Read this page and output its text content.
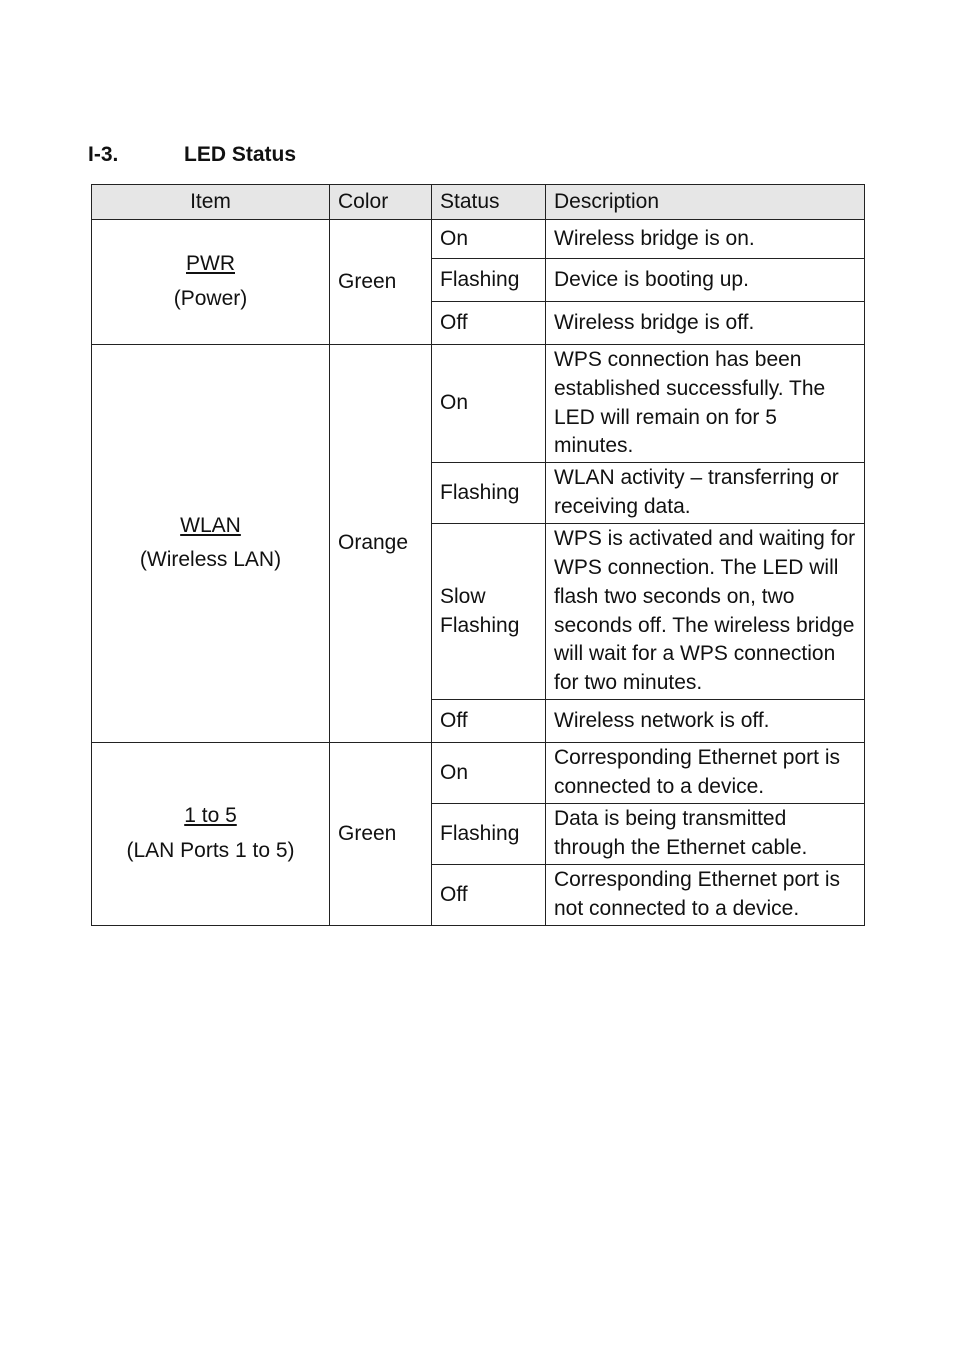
I-3.	LED Status
Item	Color	Status	Description

PWR
(Power)	Green	On	Wireless bridge is on.
		Flashing	Device is booting up.
		Off	Wireless bridge is off.

WLAN
(Wireless LAN)	Orange	On	WPS connection has been established successfully. The LED will remain on for 5 minutes.
		Flashing	WLAN activity – transferring or receiving data.
		Slow Flashing	WPS is activated and waiting for WPS connection. The LED will flash two seconds on, two seconds off. The wireless bridge will wait for a WPS connection for two minutes.
		Off	Wireless network is off.

1 to 5
(LAN Ports 1 to 5)	Green	On	Corresponding Ethernet port is connected to a device.
		Flashing	Data is being transmitted through the Ethernet cable.
		Off	Corresponding Ethernet port is not connected to a device.
